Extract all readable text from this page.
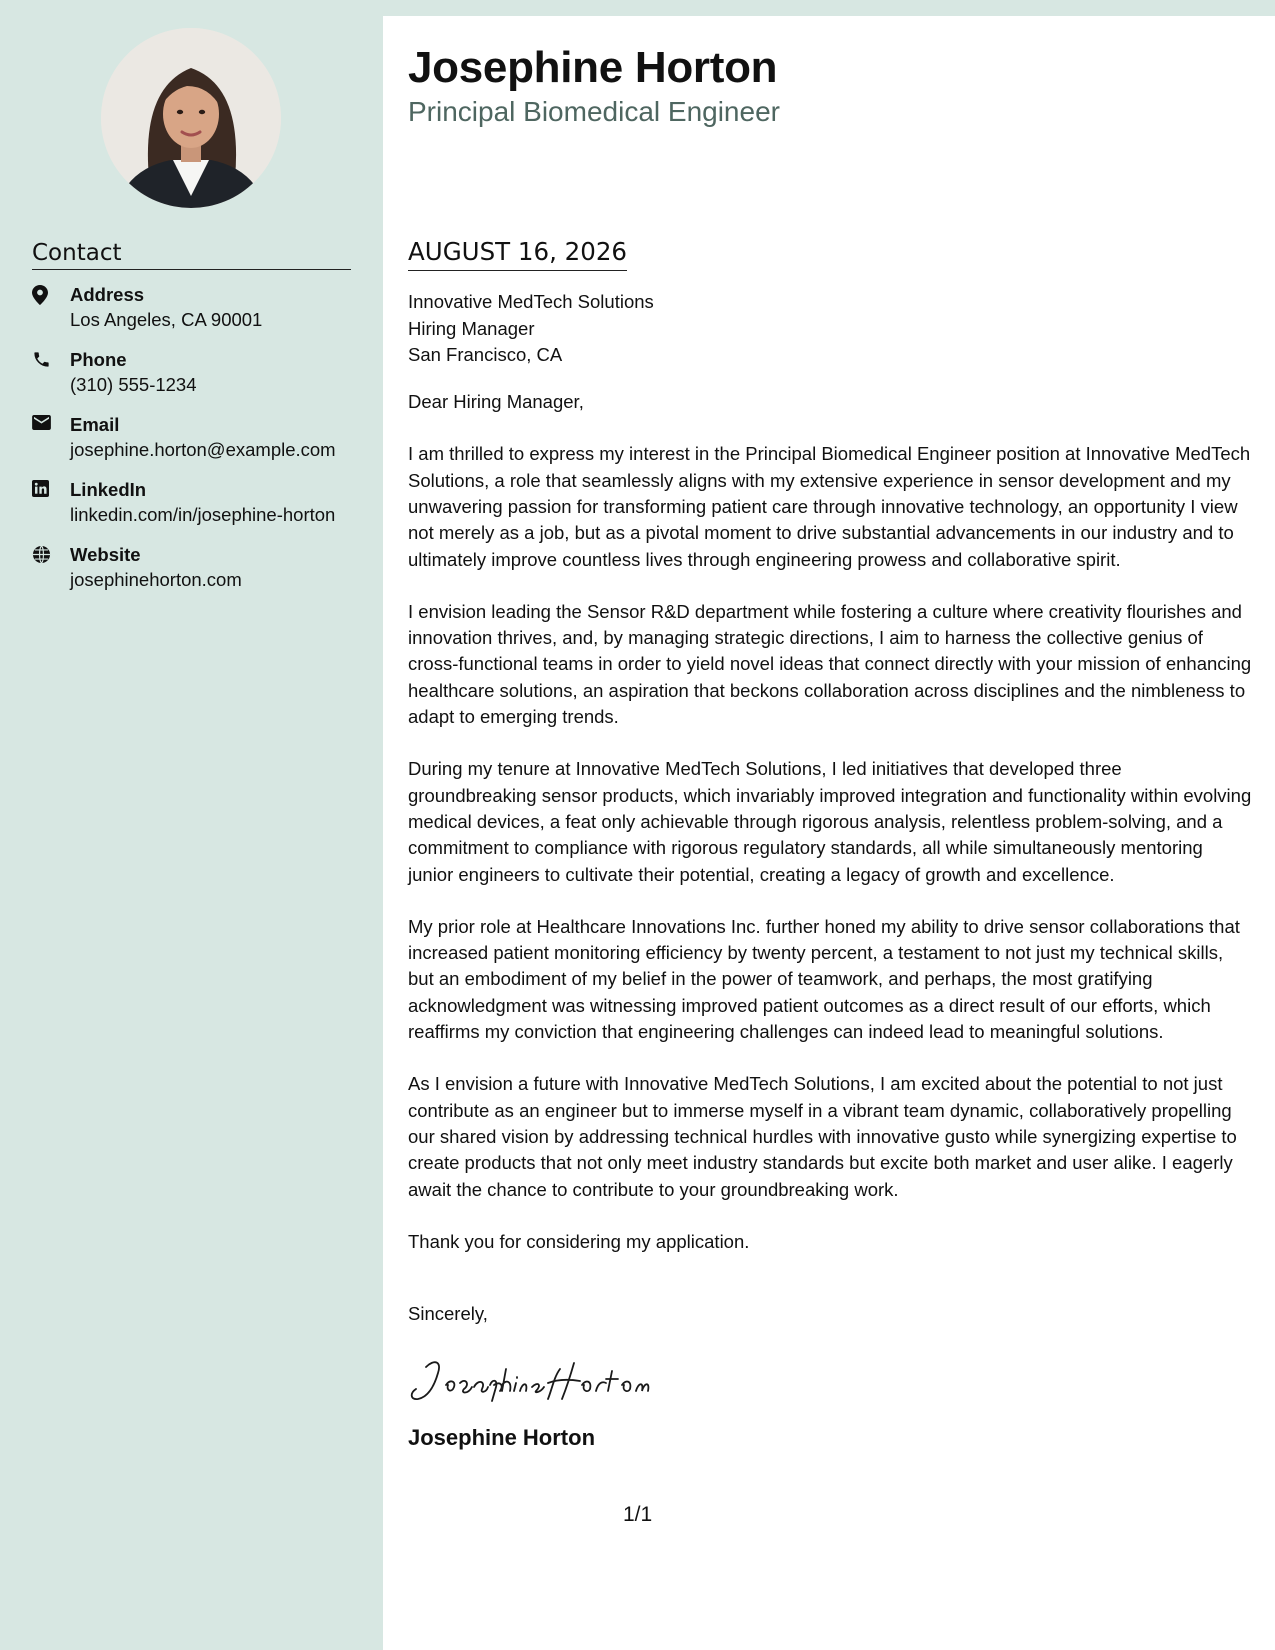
Contact
Address
Los Angeles, CA 90001
Phone
(310) 555-1234
Email
josephine.horton@example.com
LinkedIn
linkedin.com/in/josephine-horton
Website
josephinehorton.com
Josephine Horton
Principal Biomedical Engineer
AUGUST 16, 2026
Innovative MedTech Solutions
Hiring Manager
San Francisco, CA
Dear Hiring Manager,
I am thrilled to express my interest in the Principal Biomedical Engineer position at Innovative MedTech Solutions, a role that seamlessly aligns with my extensive experience in sensor development and my unwavering passion for transforming patient care through innovative technology, an opportunity I view not merely as a job, but as a pivotal moment to drive substantial advancements in our industry and to ultimately improve countless lives through engineering prowess and collaborative spirit.
I envision leading the Sensor R&D department while fostering a culture where creativity flourishes and innovation thrives, and, by managing strategic directions, I aim to harness the collective genius of cross-functional teams in order to yield novel ideas that connect directly with your mission of enhancing healthcare solutions, an aspiration that beckons collaboration across disciplines and the nimbleness to adapt to emerging trends.
During my tenure at Innovative MedTech Solutions, I led initiatives that developed three groundbreaking sensor products, which invariably improved integration and functionality within evolving medical devices, a feat only achievable through rigorous analysis, relentless problem-solving, and a commitment to compliance with rigorous regulatory standards, all while simultaneously mentoring junior engineers to cultivate their potential, creating a legacy of growth and excellence.
My prior role at Healthcare Innovations Inc. further honed my ability to drive sensor collaborations that increased patient monitoring efficiency by twenty percent, a testament to not just my technical skills, but an embodiment of my belief in the power of teamwork, and perhaps, the most gratifying acknowledgment was witnessing improved patient outcomes as a direct result of our efforts, which reaffirms my conviction that engineering challenges can indeed lead to meaningful solutions.
As I envision a future with Innovative MedTech Solutions, I am excited about the potential to not just contribute as an engineer but to immerse myself in a vibrant team dynamic, collaboratively propelling our shared vision by addressing technical hurdles with innovative gusto while synergizing expertise to create products that not only meet industry standards but excite both market and user alike. I eagerly await the chance to contribute to your groundbreaking work.
Thank you for considering my application.
Sincerely,
Josephine Horton
1/1
